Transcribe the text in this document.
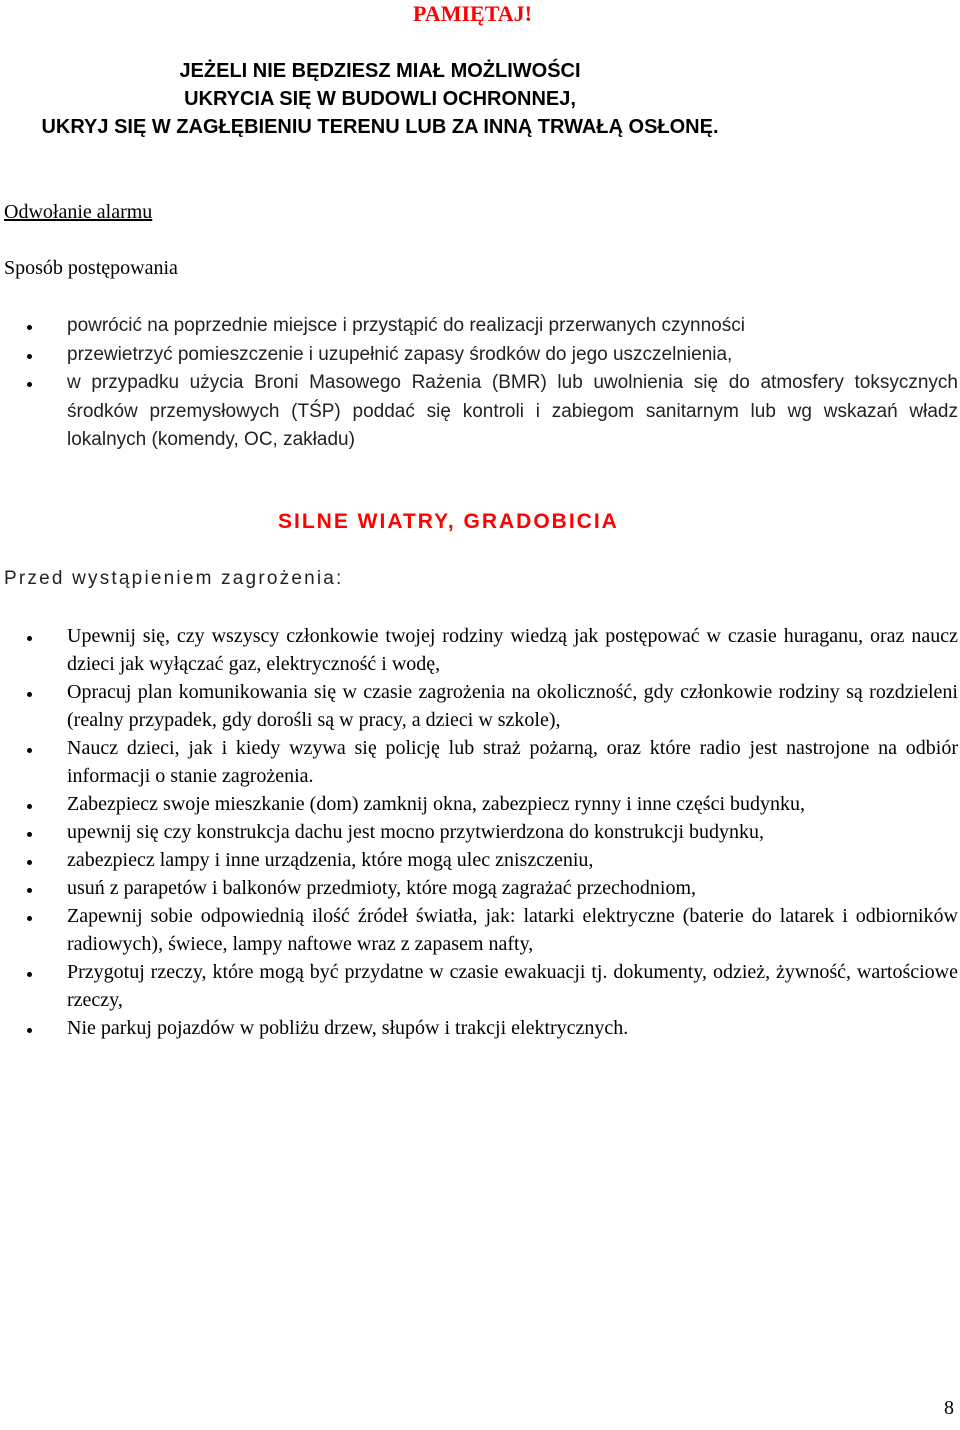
PAMIĘTAJ!
JEŻELI NIE BĘDZIESZ MIAŁ MOŻLIWOŚCI
UKRYCIA SIĘ W BUDOWLI OCHRONNEJ,
UKRYJ SIĘ W ZAGŁĘBIENIU TERENU LUB ZA INNĄ TRWAŁĄ OSŁONĘ.
Odwołanie alarmu
Sposób postępowania
powrócić na poprzednie miejsce i przystąpić do realizacji przerwanych czynności
przewietrzyć pomieszczenie i uzupełnić zapasy środków do jego uszczelnienia,
w przypadku użycia Broni Masowego Rażenia (BMR) lub uwolnienia się do atmosfery toksycznych środków przemysłowych (TŚP) poddać się kontroli i zabiegom sanitarnym lub wg wskazań władz lokalnych (komendy, OC, zakładu)
SILNE WIATRY, GRADOBICIA
Przed wystąpieniem zagrożenia:
Upewnij się, czy wszyscy członkowie twojej rodziny wiedzą jak postępować w czasie huraganu, oraz naucz dzieci jak wyłączać gaz, elektryczność i wodę,
Opracuj plan komunikowania się w czasie zagrożenia na okoliczność, gdy członkowie rodziny są rozdzieleni (realny przypadek, gdy dorośli są w pracy, a dzieci w szkole),
Naucz dzieci, jak i kiedy wzywa się policję lub straż pożarną, oraz które radio jest nastrojone na odbiór informacji o stanie zagrożenia.
Zabezpiecz swoje mieszkanie (dom) zamknij okna, zabezpiecz rynny i inne części budynku,
upewnij się czy konstrukcja dachu jest mocno przytwierdzona do konstrukcji budynku,
zabezpiecz lampy i inne urządzenia, które mogą ulec zniszczeniu,
usuń z parapetów i balkonów przedmioty, które mogą zagrażać przechodniom,
Zapewnij sobie odpowiednią ilość źródeł światła, jak: latarki elektryczne (baterie do latarek i odbiorników radiowych), świece, lampy naftowe wraz z zapasem nafty,
Przygotuj rzeczy, które mogą być przydatne w czasie ewakuacji tj. dokumenty, odzież, żywność, wartościowe rzeczy,
Nie parkuj pojazdów w pobliżu drzew, słupów i trakcji elektrycznych.
8
